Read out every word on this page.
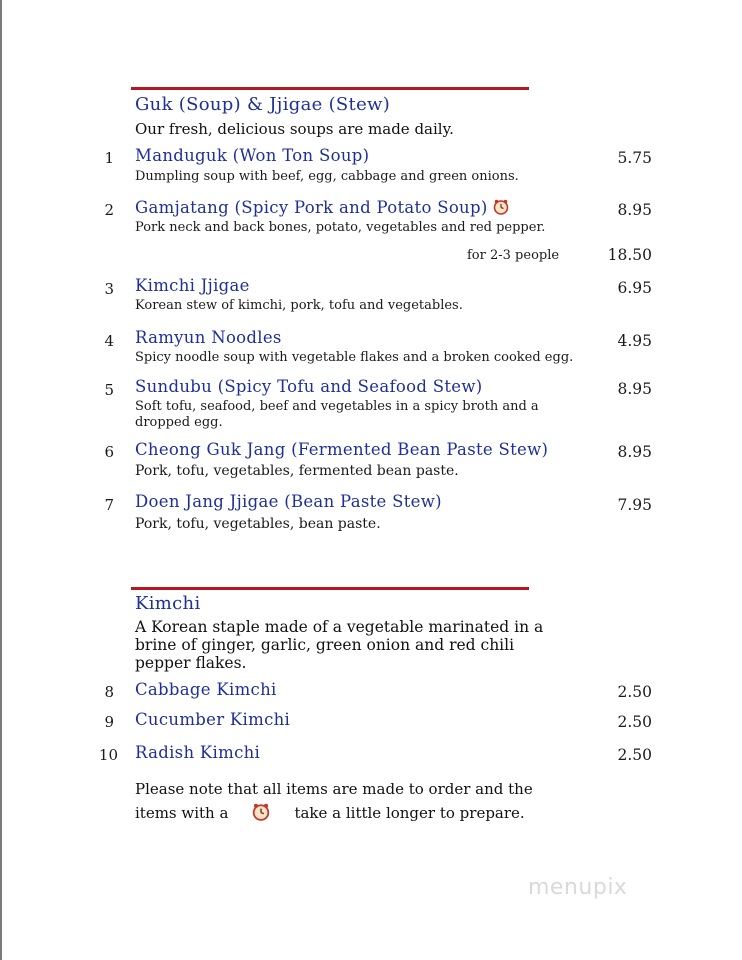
Guk (Soup) & Jjigae (Stew)
Our fresh, delicious soups are made daily.
1 Manduguk (Won Ton Soup)	5.75
Dumpling soup with beef, egg, cabbage and green onions.
2 Gamjatang (Spicy Pork and Potato Soup)	8.95
Pork neck and back bones, potato, vegetables and red pepper.
for 2-3 people	18.50
3 Kimchi Jjigae	6.95
Korean stew of kimchi, pork, tofu and vegetables.
4 Ramyun Noodles	4.95
Spicy noodle soup with vegetable flakes and a broken cooked egg.
5 Sundubu (Spicy Tofu and Seafood Stew)	8.95
Soft tofu, seafood, beef and vegetables in a spicy broth and a
dropped egg.
6 Cheong Guk Jang (Fermented Bean Paste Stew)	8.95
Pork, tofu, vegetables, fermented bean paste.
7 Doen Jang Jjigae (Bean Paste Stew)	7.95
Pork, tofu, vegetables, bean paste.
Kimchi
A Korean staple made of a vegetable marinated in a
brine of ginger, garlic, green onion and red chili
pepper flakes.
8 Cabbage Kimchi	2.50
9 Cucumber Kimchi	2.50
10 Radish Kimchi	2.50
Please note that all items are made to order and the
items with a	take a little longer to prepare.
menupix
